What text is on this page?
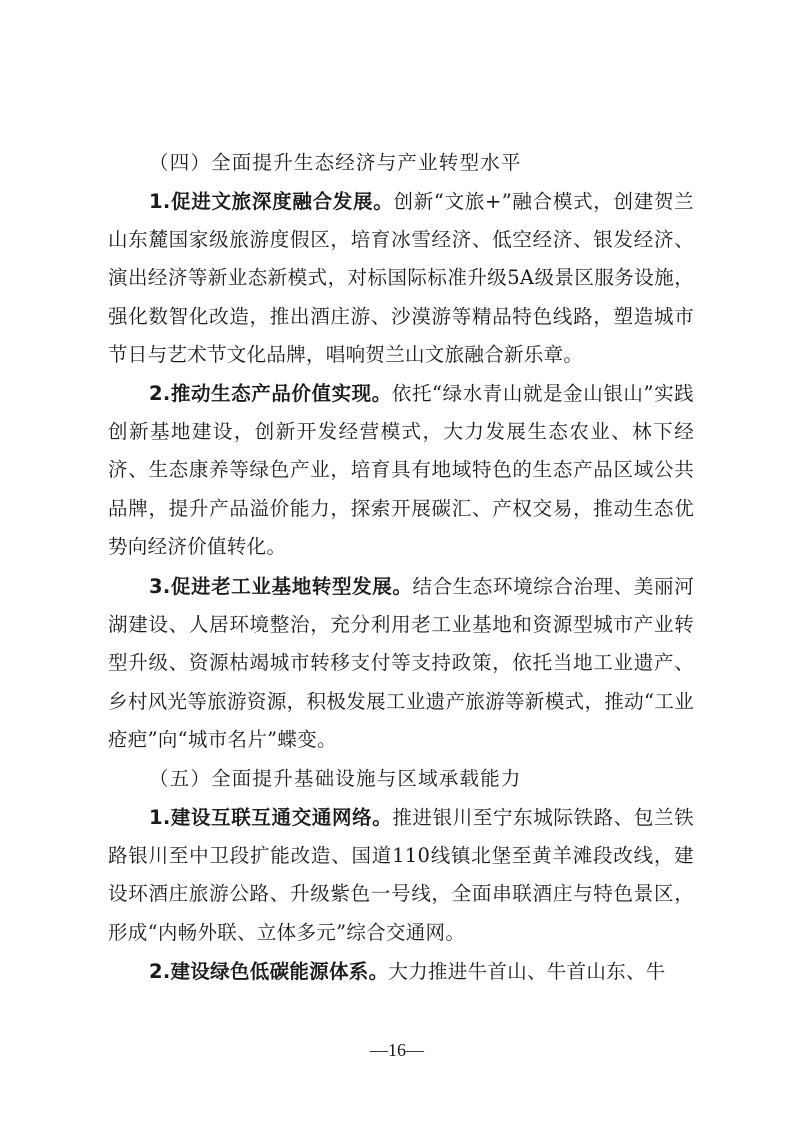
（四）全面提升生态经济与产业转型水平

1.促进文旅深度融合发展。创新“文旅+”融合模式，创建贺兰山东麓国家级旅游度假区，培育冰雪经济、低空经济、银发经济、演出经济等新业态新模式，对标国际标准升级5A级景区服务设施，强化数智化改造，推出酒庄游、沙漠游等精品特色线路，塑造城市节日与艺术节文化品牌，唱响贺兰山文旅融合新乐章。

2.推动生态产品价值实现。依托“绿水青山就是金山银山”实践创新基地建设，创新开发经营模式，大力发展生态农业、林下经济、生态康养等绿色产业，培育具有地域特色的生态产品区域公共品牌，提升产品溢价能力，探索开展碳汇、产权交易，推动生态优势向经济价值转化。

3.促进老工业基地转型发展。结合生态环境综合治理、美丽河湖建设、人居环境整治，充分利用老工业基地和资源型城市产业转型升级、资源枯竭城市转移支付等支持政策，依托当地工业遗产、乡村风光等旅游资源，积极发展工业遗产旅游等新模式，推动“工业疮疤”向“城市名片”蝶变。

（五）全面提升基础设施与区域承载能力

1.建设互联互通交通网络。推进银川至宁东城际铁路、包兰铁路银川至中卫段扩能改造、国道110线镇北堡至黄羊滩段改线，建设环酒庄旅游公路、升级紫色一号线，全面串联酒庄与特色景区，形成“内畅外联、立体多元”综合交通网。

2.建设绿色低碳能源体系。大力推进牛首山、牛首山东、牛

—16—
